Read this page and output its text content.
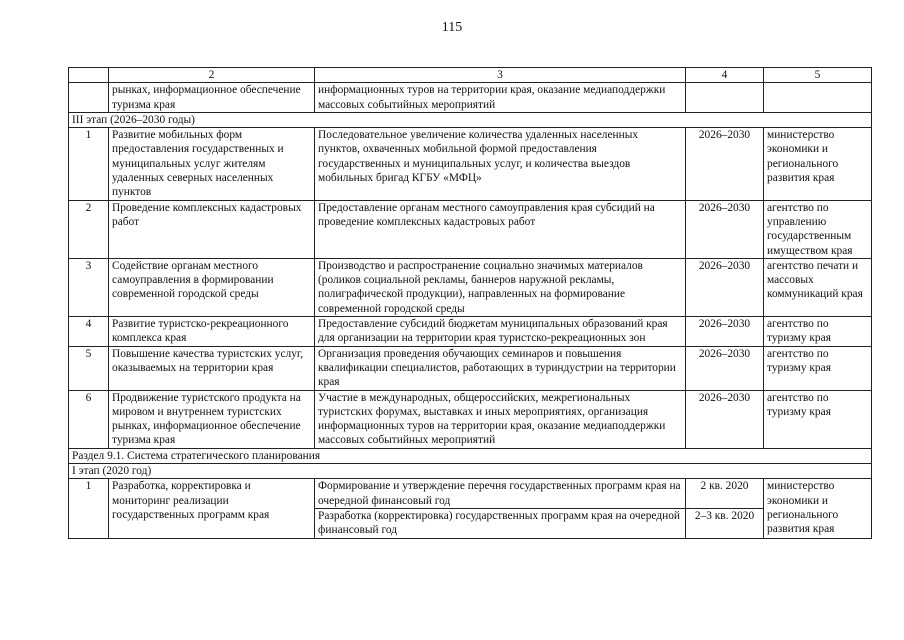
115
	2	3	4	5
	рынках, информационное обеспечение туризма края	информационных туров на территории края, оказание медиаподдержки массовых событийных мероприятий		
III этап (2026–2030 годы)				
1	Развитие мобильных форм предоставления государственных и муниципальных услуг жителям удаленных северных населенных пунктов	Последовательное увеличение количества удаленных населенных пунктов, охваченных мобильной формой предоставления государственных и муниципальных услуг, и количества выездов мобильных бригад КГБУ «МФЦ»	2026–2030	министерство экономики и регионального развития края
2	Проведение комплексных кадастровых работ	Предоставление органам местного самоуправления края субсидий на проведение комплексных кадастровых работ	2026–2030	агентство по управлению государственным имуществом края
3	Содействие органам местного самоуправления в формировании современной городской среды	Производство и распространение социально значимых материалов (роликов социальной рекламы, баннеров наружной рекламы, полиграфической продукции), направленных на формирование современной городской среды	2026–2030	агентство печати и массовых коммуникаций края
4	Развитие туристско-рекреационного комплекса края	Предоставление субсидий бюджетам муниципальных образований края для организации на территории края туристско-рекреационных зон	2026–2030	агентство по туризму края
5	Повышение качества туристских услуг, оказываемых на территории края	Организация проведения обучающих семинаров и повышения квалификации специалистов, работающих в туриндустрии на территории края	2026–2030	агентство по туризму края
6	Продвижение туристского продукта на мировом и внутреннем туристских рынках, информационное обеспечение туризма края	Участие в международных, общероссийских, межрегиональных туристских форумах, выставках и иных мероприятиях, организация информационных туров на территории края, оказание медиаподдержки массовых событийных мероприятий	2026–2030	агентство по туризму края
Раздел 9.1. Система стратегического планирования				
I этап (2020 год)				
1	Разработка, корректировка и мониторинг реализации государственных программ края	Формирование и утверждение перечня государственных программ края на очередной финансовый год	2 кв. 2020	министерство экономики и регионального развития края
		Разработка (корректировка) государственных программ края на очередной финансовый год	2–3 кв. 2020	
